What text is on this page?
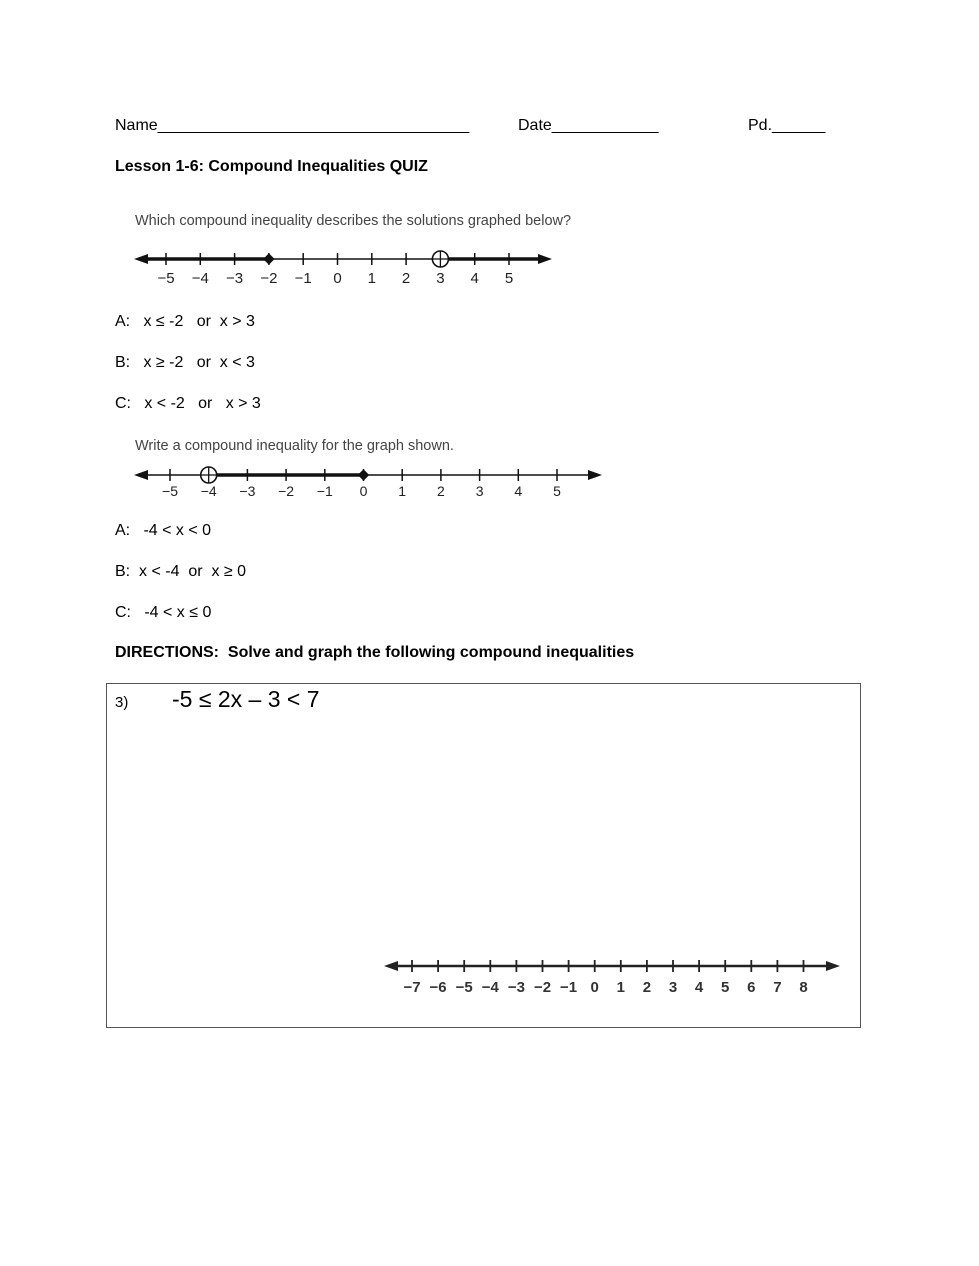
Name___________________________________	Date____________	Pd.______
Lesson 1-6: Compound Inequalities QUIZ
Which compound inequality describes the solutions graphed below?
−5 −4 −3 −2 −1 0 1 2 3 4 5
A:   x ≤ -2   or  x > 3
B:   x ≥ -2   or  x < 3
C:   x < -2   or   x > 3
Write a compound inequality for the graph shown.
−5 −4 −3 −2 −1 0 1 2 3 4 5
A:   -4 < x < 0
B:  x < -4  or  x ≥ 0
C:   -4 < x ≤ 0
DIRECTIONS:  Solve and graph the following compound inequalities
3) -5 ≤ 2x – 3 < 7
−7 −6 −5 −4 −3 −2 −1 0 1 2 3 4 5 6 7 8
